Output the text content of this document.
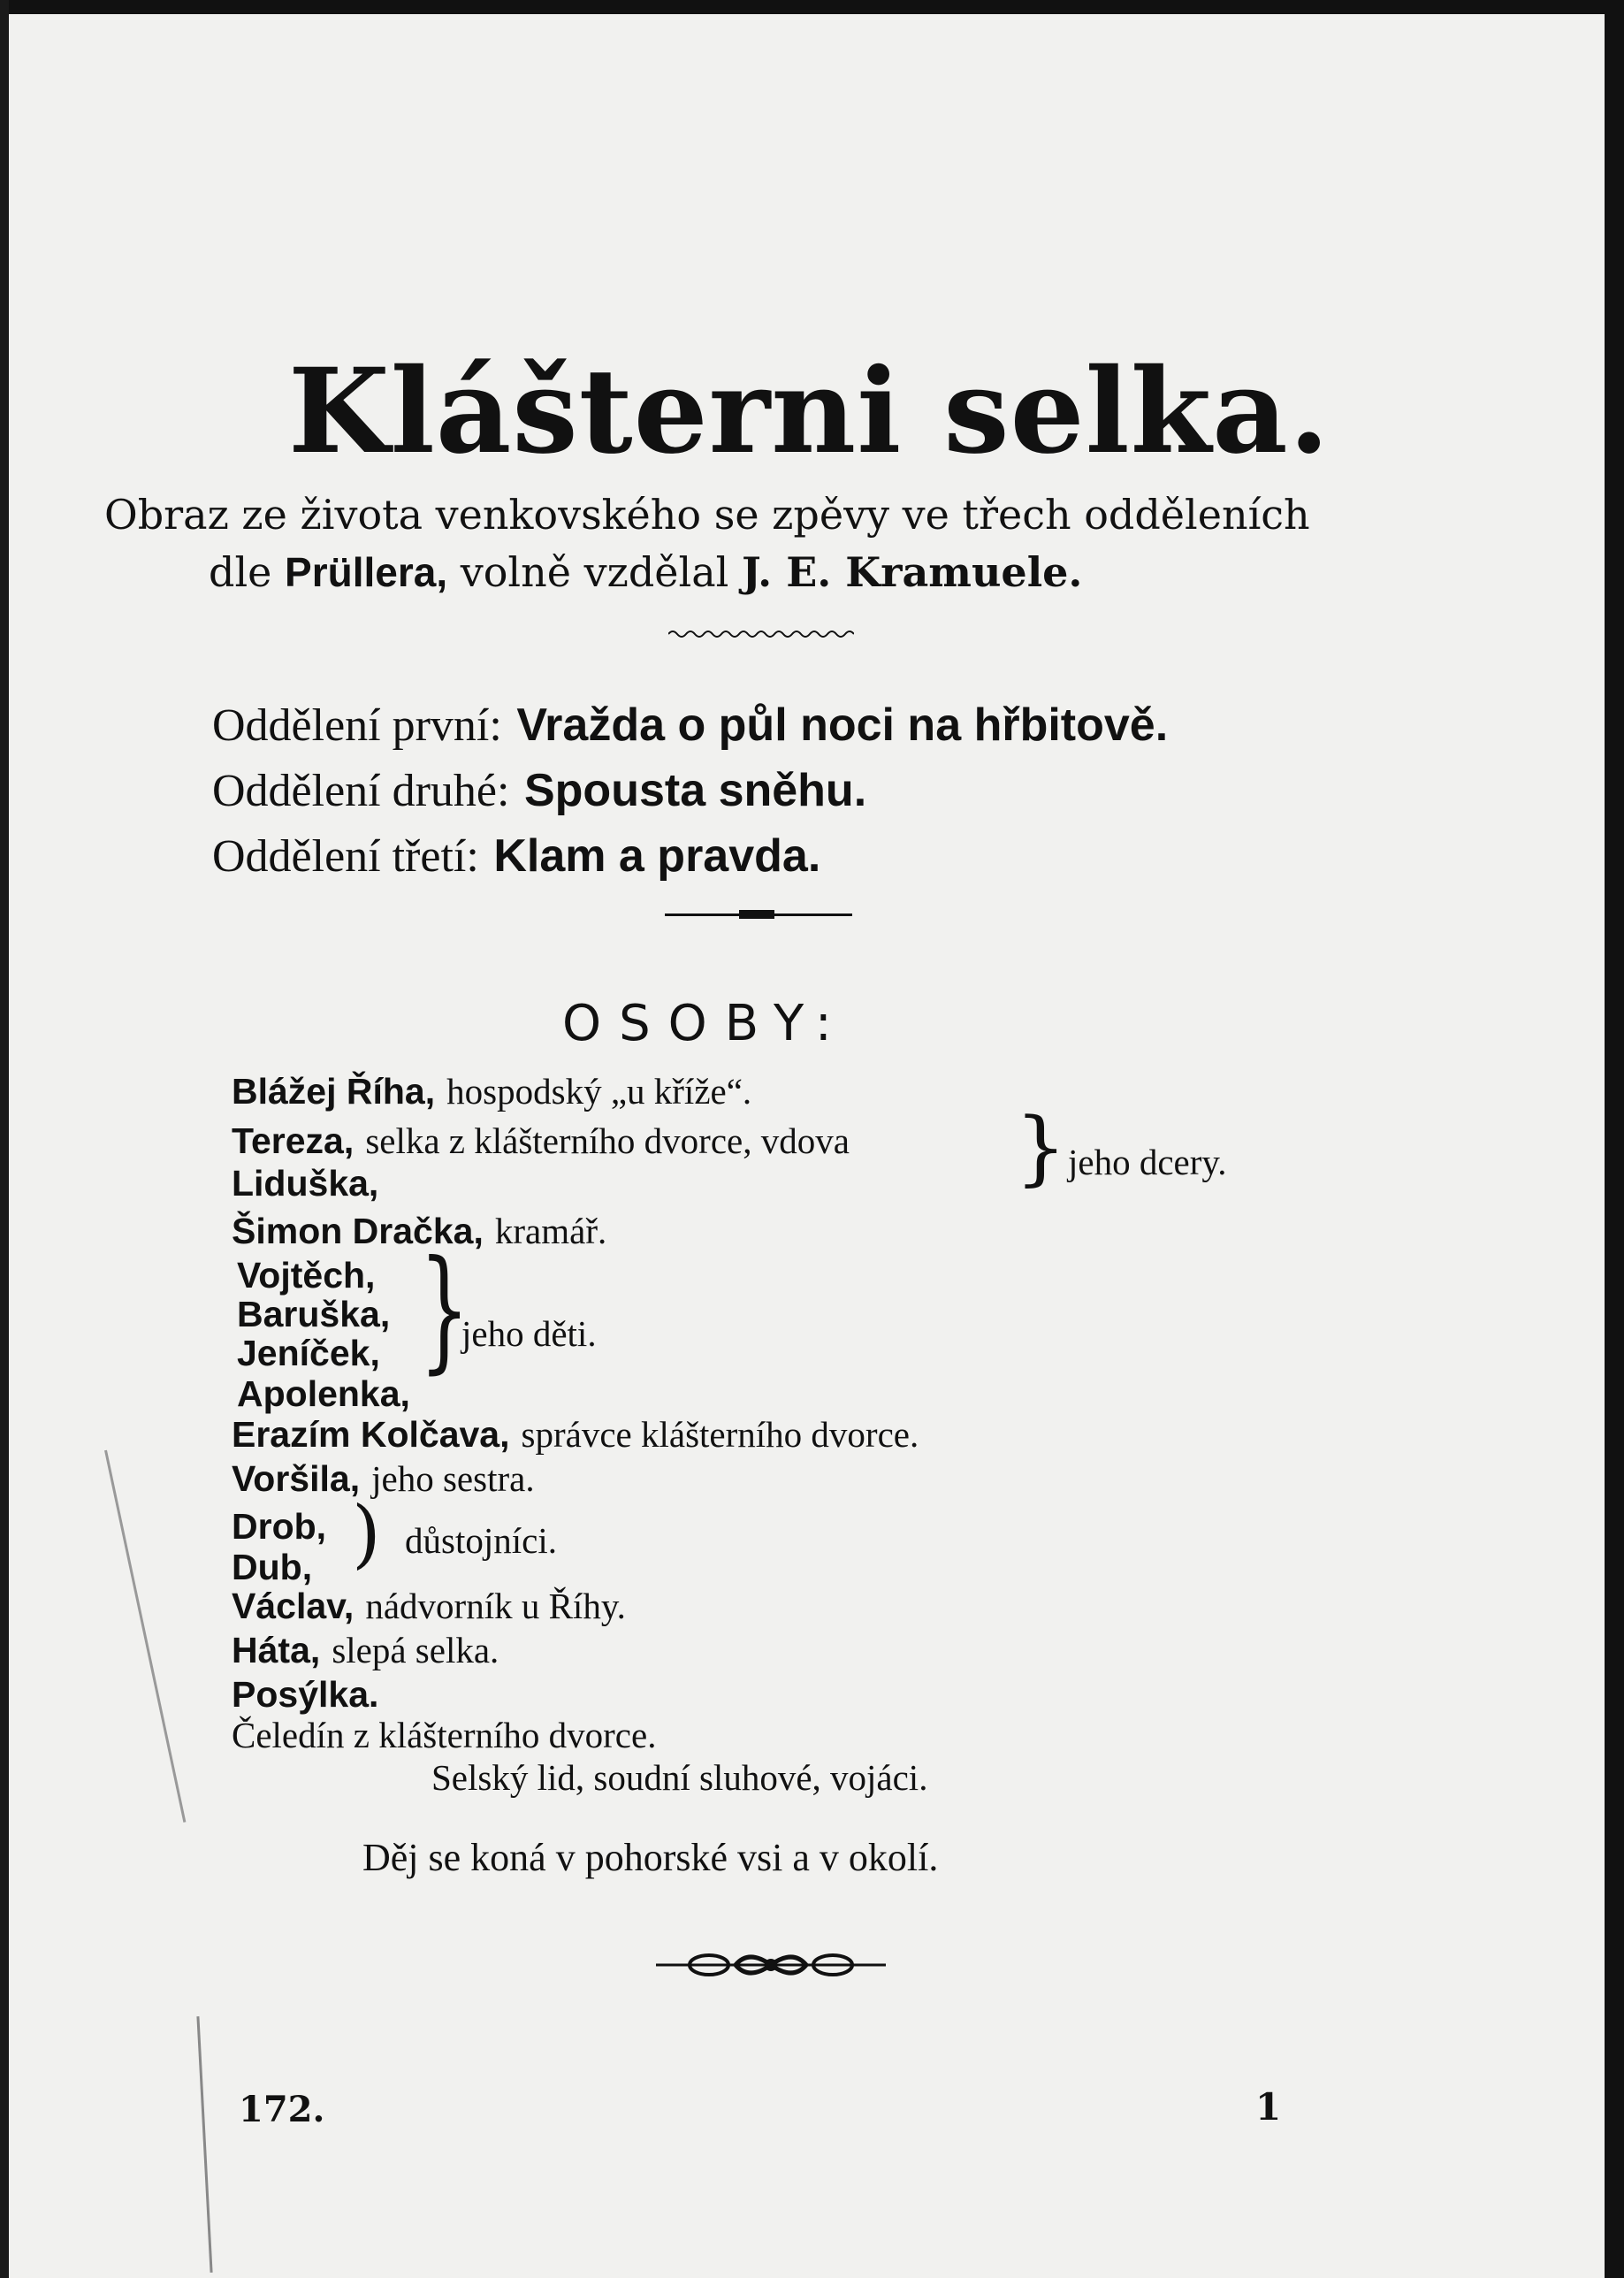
Klášterni selka.
Obraz ze života venkovského se zpěvy ve třech odděleních
dle Prüllera, volně vzdělal J. E. Kramuele.
Oddělení první: Vražda o půl noci na hřbitově.
Oddělení druhé: Spousta sněhu.
Oddělení třetí: Klam a pravda.
OSOBY:
Blážej Říha, hospodský „u kříže“.
Tereza, selka z klášterního dvorce, vdova
Liduška,	} jeho dcery.
Šimon Dračka, kramář.
Vojtěch,
Baruška,
Jeníček,
Apolenka,
}
jeho děti.
Erazím Kolčava, správce klášterního dvorce.
Voršila, jeho sestra.
Drob,
Dub, ) důstojníci.
Václav, nádvorník u Říhy.
Háta, slepá selka.
Posýlka.
Čeledín z klášterního dvorce.
Selský lid, soudní sluhové, vojáci.
Děj se koná v pohorské vsi a v okolí.
172.	1
